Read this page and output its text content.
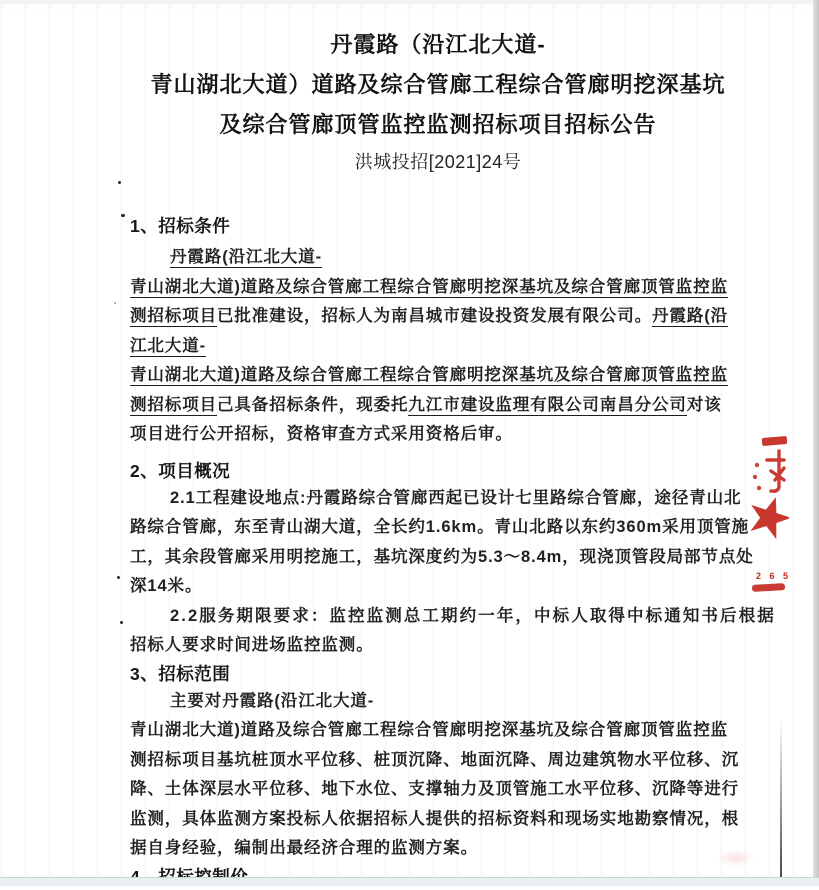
丹霞路（沿江北大道-
青山湖北大道）道路及综合管廊工程综合管廊明挖深基坑
及综合管廊顶管监控监测招标项目招标公告
洪城投招[2021]24号
1、招标条件
丹霞路(沿江北大道-
青山湖北大道)道路及综合管廊工程综合管廊明挖深基坑及综合管廊顶管监控监
测招标项目已批准建设，招标人为南昌城市建设投资发展有限公司。丹霞路(沿
江北大道-
青山湖北大道)道路及综合管廊工程综合管廊明挖深基坑及综合管廊顶管监控监
测招标项目己具备招标条件，现委托九江市建设监理有限公司南昌分公司对该
项目进行公开招标，资格审查方式采用资格后审。
2、项目概况
2.1工程建设地点:丹霞路综合管廊西起已设计七里路综合管廊，途径青山北
路综合管廊，东至青山湖大道，全长约1.6km。青山北路以东约360m采用顶管施
工，其余段管廊采用明挖施工，基坑深度约为5.3～8.4m，现浇顶管段局部节点处
深14米。
2.2服务期限要求：监控监测总工期约一年，中标人取得中标通知书后根据
招标人要求时间进场监控监测。
3、招标范围
主要对丹霞路(沿江北大道-
青山湖北大道)道路及综合管廊工程综合管廊明挖深基坑及综合管廊顶管监控监
测招标项目基坑桩顶水平位移、桩顶沉降、地面沉降、周边建筑物水平位移、沉
降、土体深层水平位移、地下水位、支撑轴力及顶管施工水平位移、沉降等进行
监测，具体监测方案投标人依据招标人提供的招标资料和现场实地勘察情况，根
据自身经验，编制出最经济合理的监测方案。
2 6 5
